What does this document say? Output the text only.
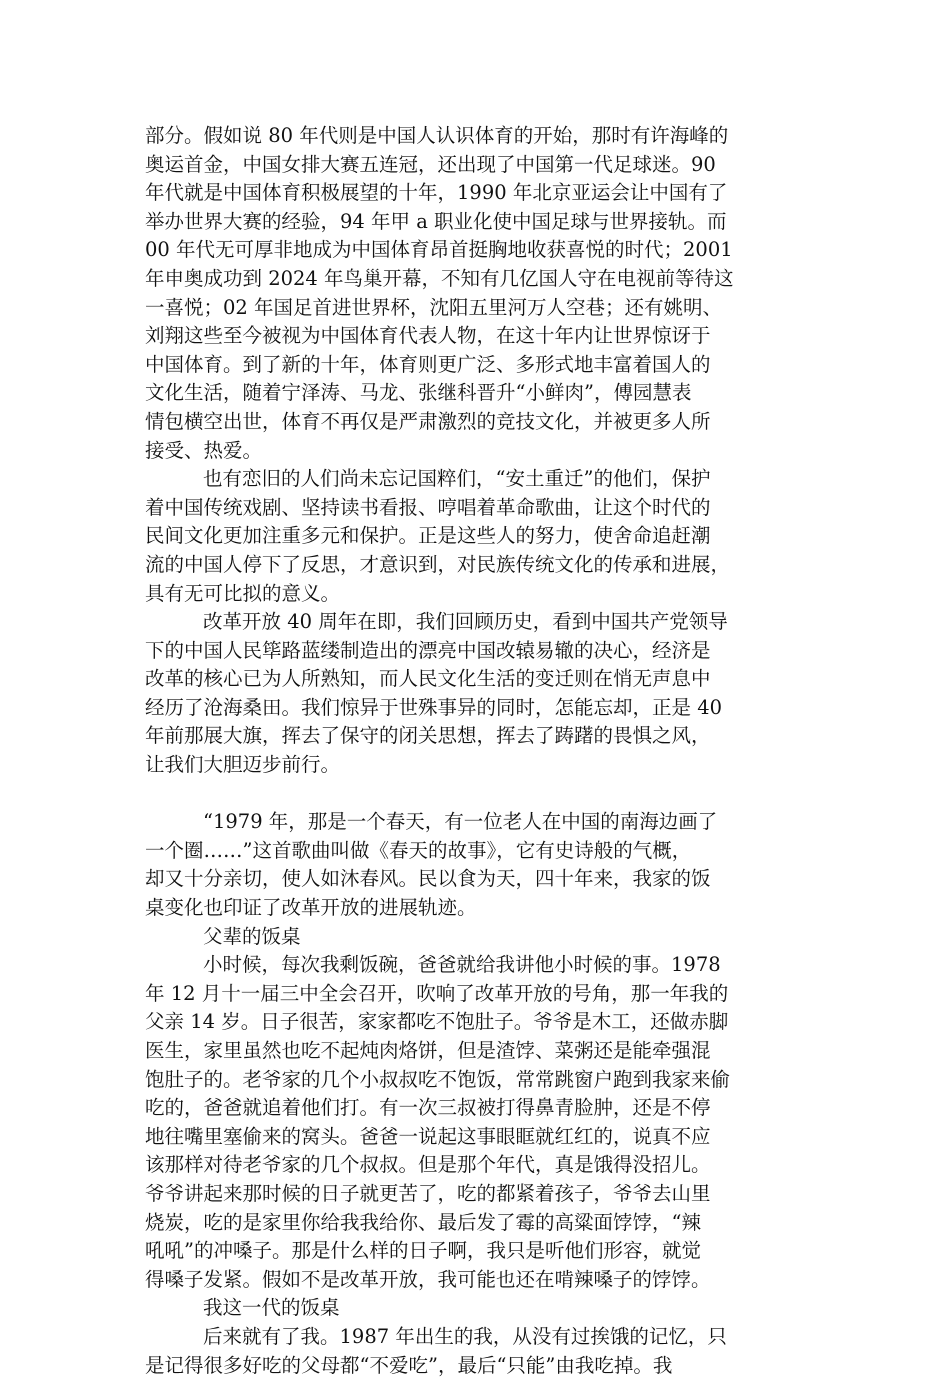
部分。假如说 80 年代则是中国人认识体育的开始，那时有许海峰的
奥运首金，中国女排大赛五连冠，还出现了中国第一代足球迷。90
年代就是中国体育积极展望的十年，1990 年北京亚运会让中国有了
举办世界大赛的经验，94 年甲 a 职业化使中国足球与世界接轨。而
00 年代无可厚非地成为中国体育昂首挺胸地收获喜悦的时代；2001
年申奥成功到 2024 年鸟巢开幕，不知有几亿国人守在电视前等待这
一喜悦；02 年国足首进世界杯，沈阳五里河万人空巷；还有姚明、
刘翔这些至今被视为中国体育代表人物，在这十年内让世界惊讶于
中国体育。到了新的十年，体育则更广泛、多形式地丰富着国人的
文化生活，随着宁泽涛、马龙、张继科晋升“小鲜肉”，傅园慧表
情包横空出世，体育不再仅是严肃激烈的竞技文化，并被更多人所
接受、热爱。
也有恋旧的人们尚未忘记国粹们，“安土重迁”的他们，保护
着中国传统戏剧、坚持读书看报、哼唱着革命歌曲，让这个时代的
民间文化更加注重多元和保护。正是这些人的努力，使舍命追赶潮
流的中国人停下了反思，才意识到，对民族传统文化的传承和进展，
具有无可比拟的意义。
改革开放 40 周年在即，我们回顾历史，看到中国共产党领导
下的中国人民筚路蓝缕制造出的漂亮中国改辕易辙的决心，经济是
改革的核心已为人所熟知，而人民文化生活的变迁则在悄无声息中
经历了沧海桑田。我们惊异于世殊事异的同时，怎能忘却，正是 40
年前那展大旗，挥去了保守的闭关思想，挥去了踌躇的畏惧之风，
让我们大胆迈步前行。
“1979 年，那是一个春天，有一位老人在中国的南海边画了
一个圈……”这首歌曲叫做《春天的故事》，它有史诗般的气概，
却又十分亲切，使人如沐春风。民以食为天，四十年来，我家的饭
桌变化也印证了改革开放的进展轨迹。
父辈的饭桌
小时候，每次我剩饭碗，爸爸就给我讲他小时候的事。1978
年 12 月十一届三中全会召开，吹响了改革开放的号角，那一年我的
父亲 14 岁。日子很苦，家家都吃不饱肚子。爷爷是木工，还做赤脚
医生，家里虽然也吃不起炖肉烙饼，但是渣饽、菜粥还是能牵强混
饱肚子的。老爷家的几个小叔叔吃不饱饭，常常跳窗户跑到我家来偷
吃的，爸爸就追着他们打。有一次三叔被打得鼻青脸肿，还是不停
地往嘴里塞偷来的窝头。爸爸一说起这事眼眶就红红的，说真不应
该那样对待老爷家的几个叔叔。但是那个年代，真是饿得没招儿。
爷爷讲起来那时候的日子就更苦了，吃的都紧着孩子，爷爷去山里
烧炭，吃的是家里你给我我给你、最后发了霉的高粱面饽饽，“辣
吼吼”的冲嗓子。那是什么样的日子啊，我只是听他们形容，就觉
得嗓子发紧。假如不是改革开放，我可能也还在啃辣嗓子的饽饽。
我这一代的饭桌
后来就有了我。1987 年出生的我，从没有过挨饿的记忆，只
是记得很多好吃的父母都“不爱吃”，最后“只能”由我吃掉。我
